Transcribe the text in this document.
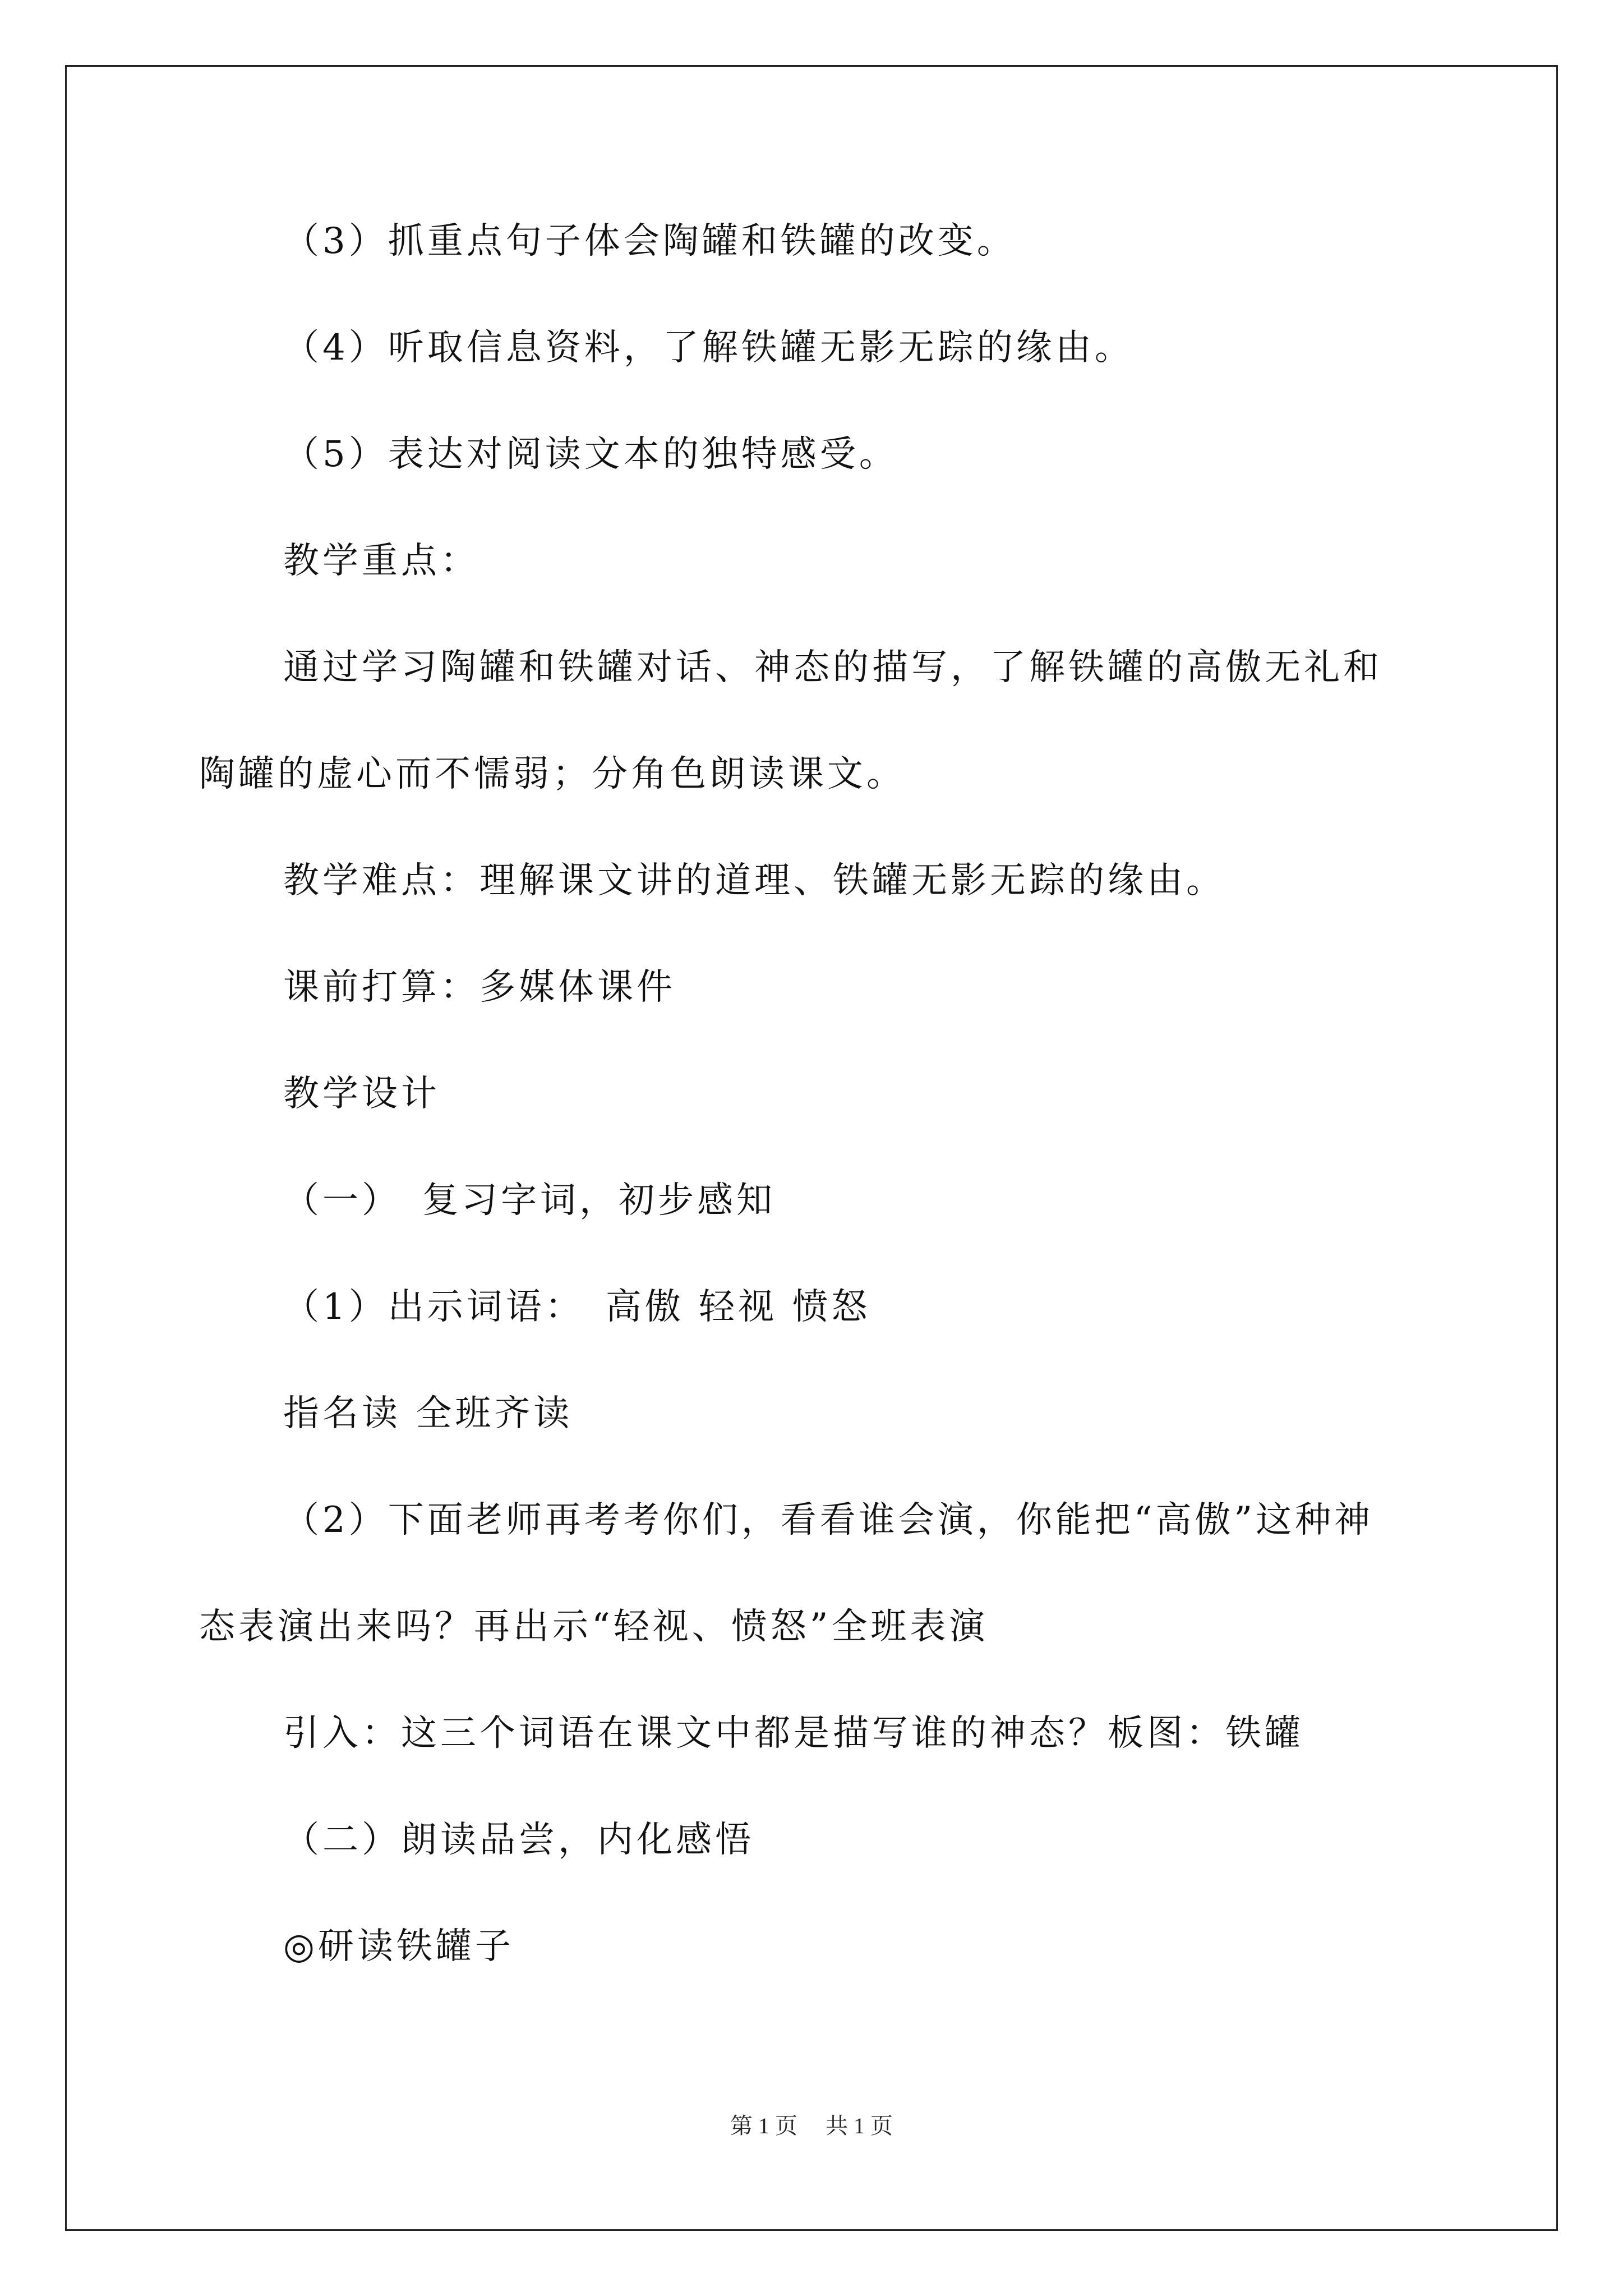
（3）抓重点句子体会陶罐和铁罐的改变。
（4）听取信息资料，了解铁罐无影无踪的缘由。
（5）表达对阅读文本的独特感受。
教学重点：
通过学习陶罐和铁罐对话、神态的描写，了解铁罐的高傲无礼和
陶罐的虚心而不懦弱；分角色朗读课文。
教学难点：理解课文讲的道理、铁罐无影无踪的缘由。
课前打算：多媒体课件
教学设计
（一）　复习字词，初步感知
（1）出示词语：　高傲 轻视 愤怒
指名读 全班齐读
（2）下面老师再考考你们，看看谁会演，你能把“高傲”这种神
态表演出来吗？再出示“轻视、愤怒”全班表演
引入：这三个词语在课文中都是描写谁的神态？板图：铁罐
（二）朗读品尝，内化感悟
◎研读铁罐子
第 1 页　 共 1 页
